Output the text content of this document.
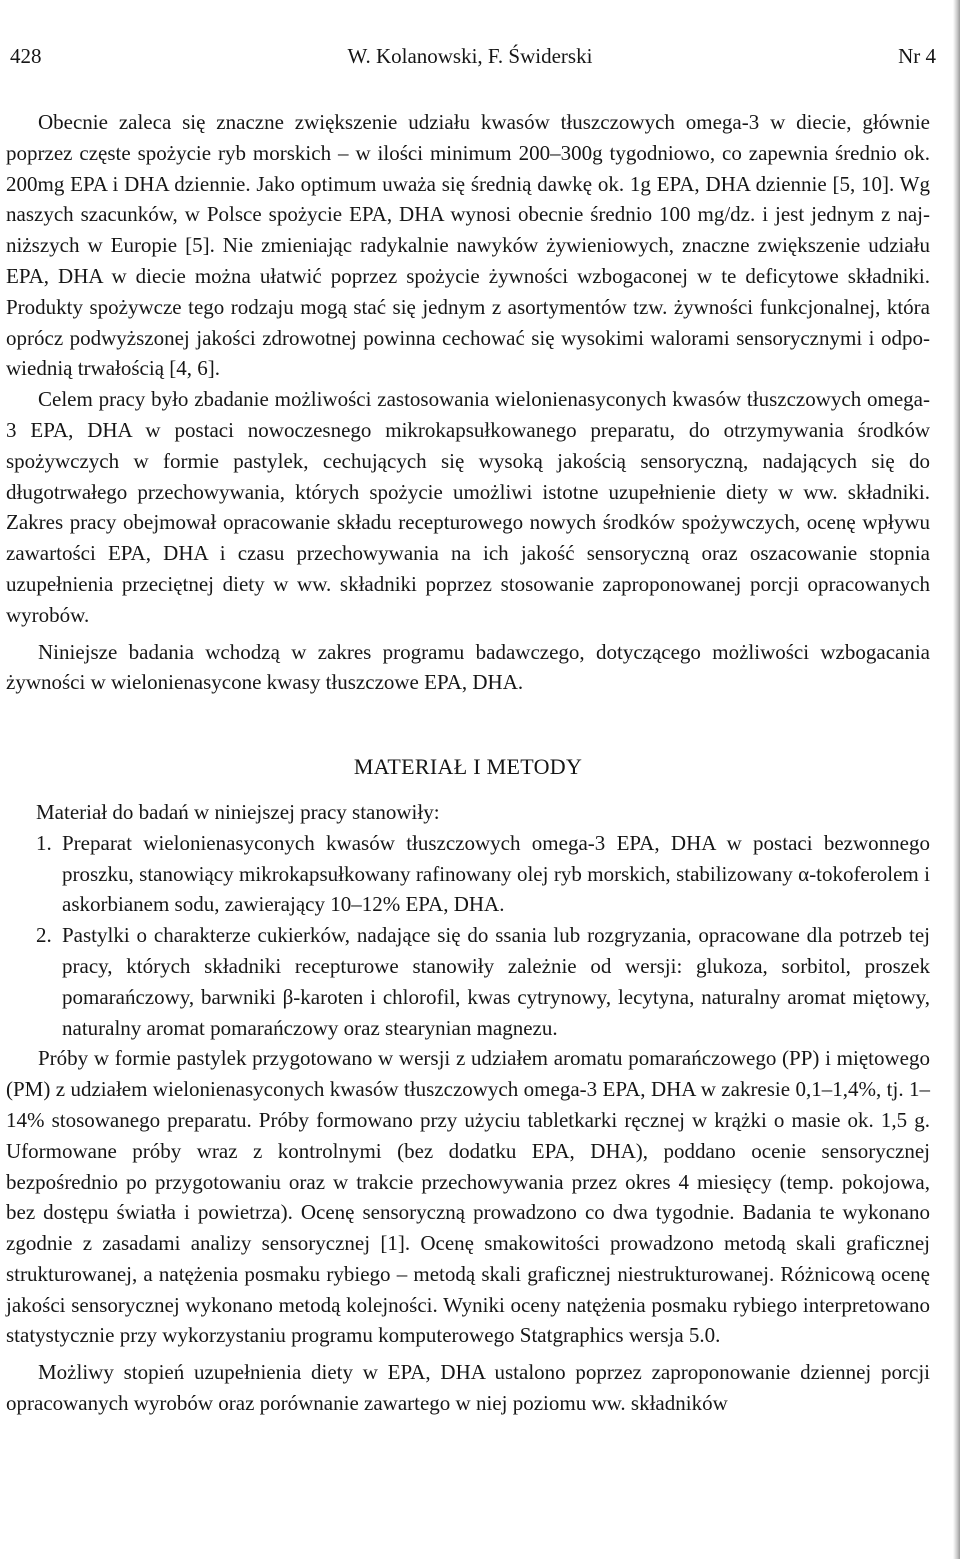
428	W. Kolanowski, F. Świderski	Nr 4

Obecnie zaleca się znaczne zwiększenie udziału kwasów tłuszczowych omega-3 w diecie, głównie poprzez częste spożycie ryb morskich – w ilości minimum 200–300g tygodniowo, co zapewnia średnio ok. 200mg EPA i DHA dziennie. Jako optimum uważa się średnią dawkę ok. 1g EPA, DHA dziennie [5, 10]. Wg naszych szacunków, w Polsce spożycie EPA, DHA wynosi obecnie średnio 100 mg/dz. i jest jednym z najniższych w Europie [5]. Nie zmieniając radykalnie nawyków żywieniowych, znaczne zwiększenie udziału EPA, DHA w diecie można ułatwić poprzez spożycie żywności wzbogaconej w te deficytowe składniki. Produkty spożywcze tego rodzaju mogą stać się jednym z asortymentów tzw. żywności funkcjonalnej, która oprócz podwyższonej jakości zdrowotnej powinna cechować się wysokimi walorami sensorycznymi i odpowiednią trwałością [4, 6].

Celem pracy było zbadanie możliwości zastosowania wielonienasyconych kwasów tłuszczowych omega-3 EPA, DHA w postaci nowoczesnego mikrokapsułkowanego preparatu, do otrzymywania środków spożywczych w formie pastylek, cechujących się wysoką jakością sensoryczną, nadających się do długotrwałego przechowywania, których spożycie umożliwi istotne uzupełnienie diety w ww. składniki. Zakres pracy obejmował opracowanie składu recepturowego nowych środków spożywczych, ocenę wpływu zawartości EPA, DHA i czasu przechowywania na ich jakość sensoryczną oraz oszacowanie stopnia uzupełnienia przeciętnej diety w ww. składniki poprzez stosowanie zaproponowanej porcji opracowanych wyrobów.

Niniejsze badania wchodzą w zakres programu badawczego, dotyczącego możliwości wzbogacania żywności w wielonienasycone kwasy tłuszczowe EPA, DHA.

MATERIAŁ I METODY

Materiał do badań w niniejszej pracy stanowiły:

1. Preparat wielonienasyconych kwasów tłuszczowych omega-3 EPA, DHA w postaci bezwonnego proszku, stanowiący mikrokapsułkowany rafinowany olej ryb morskich, stabilizowany α-tokoferolem i askorbianem sodu, zawierający 10–12% EPA, DHA.
2. Pastylki o charakterze cukierków, nadające się do ssania lub rozgryzania, opracowane dla potrzeb tej pracy, których składniki recepturowe stanowiły zależnie od wersji: glukoza, sorbitol, proszek pomarańczowy, barwniki β-karoten i chlorofil, kwas cytrynowy, lecytyna, naturalny aromat miętowy, naturalny aromat pomarańczowy oraz stearynian magnezu.

Próby w formie pastylek przygotowano w wersji z udziałem aromatu pomarańczowego (PP) i miętowego (PM) z udziałem wielonienasyconych kwasów tłuszczowych omega-3 EPA, DHA w zakresie 0,1–1,4%, tj. 1–14% stosowanego preparatu. Próby formowano przy użyciu tabletkarki ręcznej w krążki o masie ok. 1,5 g. Uformowane próby wraz z kontrolnymi (bez dodatku EPA, DHA), poddano ocenie sensorycznej bezpośrednio po przygotowaniu oraz w trakcie przechowywania przez okres 4 miesięcy (temp. pokojowa, bez dostępu światła i powietrza). Ocenę sensoryczną prowadzono co dwa tygodnie. Badania te wykonano zgodnie z zasadami analizy sensorycznej [1]. Ocenę smakowitości prowadzono metodą skali graficznej strukturowanej, a natężenia posmaku rybiego – metodą skali graficznej niestrukturowanej. Różnicową ocenę jakości sensorycznej wykonano metodą kolejności. Wyniki oceny natężenia posmaku rybiego interpretowano statystycznie przy wykorzystaniu programu komputerowego Statgraphics wersja 5.0.

Możliwy stopień uzupełnienia diety w EPA, DHA ustalono poprzez zaproponowanie dziennej porcji opracowanych wyrobów oraz porównanie zawartego w niej poziomu ww. składników
